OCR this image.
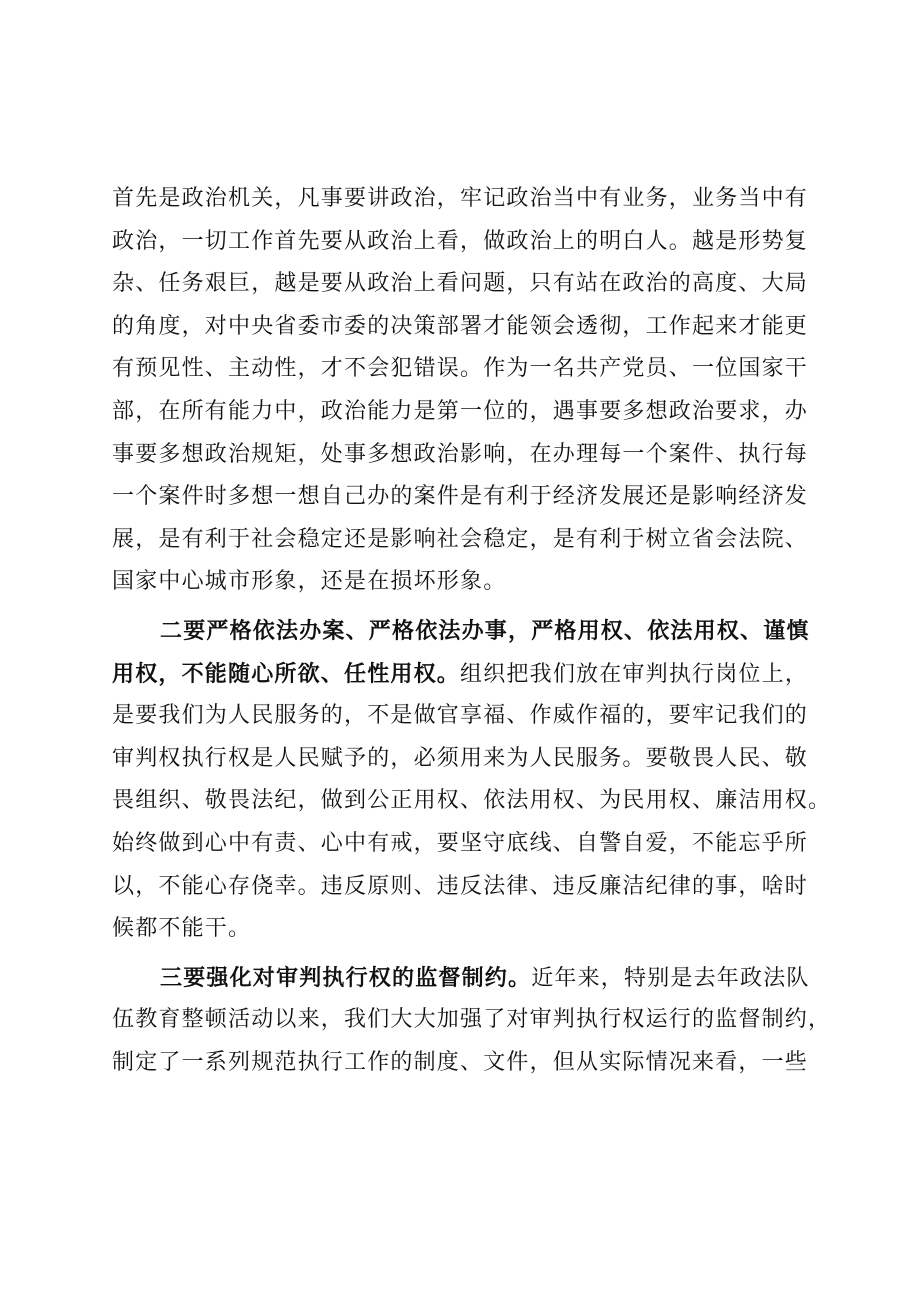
首先是政治机关，凡事要讲政治，牢记政治当中有业务，业务当中有
政治，一切工作首先要从政治上看，做政治上的明白人。越是形势复
杂、任务艰巨，越是要从政治上看问题，只有站在政治的高度、大局
的角度，对中央省委市委的决策部署才能领会透彻，工作起来才能更
有预见性、主动性，才不会犯错误。作为一名共产党员、一位国家干
部，在所有能力中，政治能力是第一位的，遇事要多想政治要求，办
事要多想政治规矩，处事多想政治影响，在办理每一个案件、执行每
一个案件时多想一想自己办的案件是有利于经济发展还是影响经济发
展，是有利于社会稳定还是影响社会稳定，是有利于树立省会法院、
国家中心城市形象，还是在损坏形象。
二要严格依法办案、严格依法办事，严格用权、依法用权、谨慎
用权，不能随心所欲、任性用权。组织把我们放在审判执行岗位上，
是要我们为人民服务的，不是做官享福、作威作福的，要牢记我们的
审判权执行权是人民赋予的，必须用来为人民服务。要敬畏人民、敬
畏组织、敬畏法纪，做到公正用权、依法用权、为民用权、廉洁用权。
始终做到心中有责、心中有戒，要坚守底线、自警自爱，不能忘乎所
以，不能心存侥幸。违反原则、违反法律、违反廉洁纪律的事，啥时
候都不能干。
三要强化对审判执行权的监督制约。近年来，特别是去年政法队
伍教育整顿活动以来，我们大大加强了对审判执行权运行的监督制约，
制定了一系列规范执行工作的制度、文件，但从实际情况来看，一些
